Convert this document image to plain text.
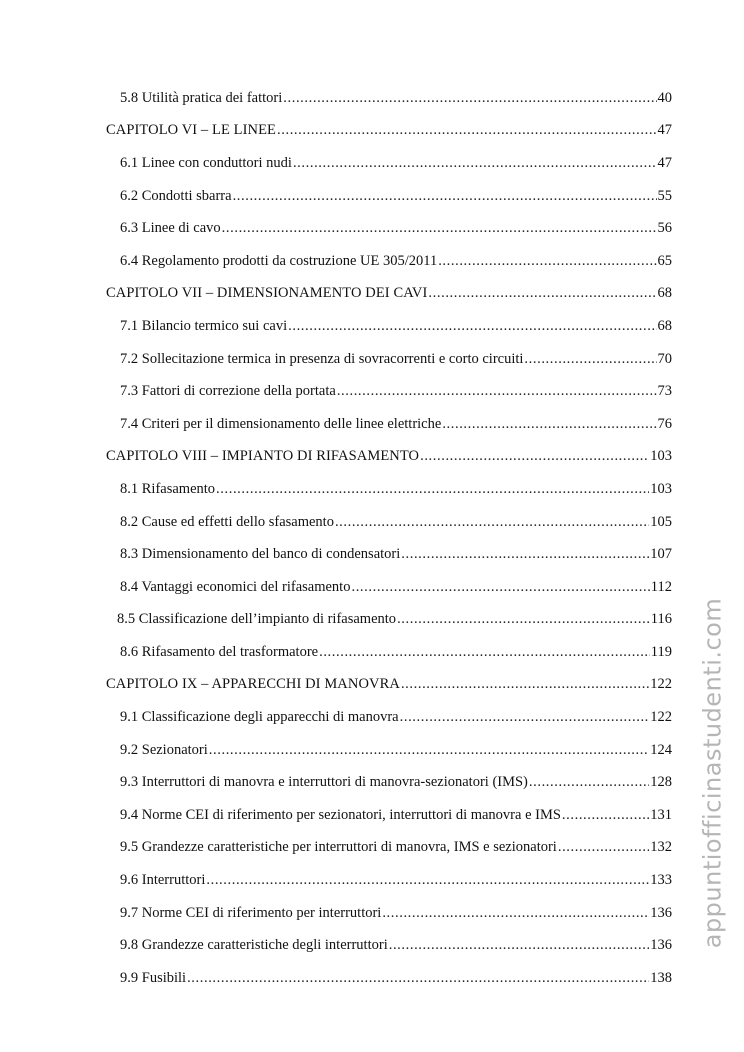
5.8 Utilità pratica dei fattori .....	40
CAPITOLO VI – LE LINEE .....	47
6.1 Linee con conduttori nudi .....	47
6.2 Condotti sbarra .....	55
6.3 Linee di cavo .....	56
6.4 Regolamento prodotti da costruzione UE 305/2011 .....	65
CAPITOLO VII – DIMENSIONAMENTO DEI CAVI .....	68
7.1 Bilancio termico sui cavi .....	68
7.2 Sollecitazione termica in presenza di sovracorrenti e corto circuiti .....	70
7.3 Fattori di correzione della portata .....	73
7.4 Criteri per il dimensionamento delle linee elettriche .....	76
CAPITOLO VIII – IMPIANTO DI RIFASAMENTO .....	103
8.1 Rifasamento .....	103
8.2 Cause ed effetti dello sfasamento .....	105
8.3 Dimensionamento del banco di condensatori .....	107
8.4 Vantaggi economici del rifasamento .....	112
8.5 Classificazione dell’impianto di rifasamento .....	116
8.6 Rifasamento del trasformatore .....	119
CAPITOLO IX – APPARECCHI DI MANOVRA .....	122
9.1 Classificazione degli apparecchi di manovra .....	122
9.2 Sezionatori .....	124
9.3 Interruttori di manovra e interruttori di manovra-sezionatori (IMS) .....	128
9.4 Norme CEI di riferimento per sezionatori, interruttori di manovra e IMS .....	131
9.5 Grandezze caratteristiche per interruttori di manovra, IMS e sezionatori .....	132
9.6 Interruttori .....	133
9.7 Norme CEI di riferimento per interruttori .....	136
9.8 Grandezze caratteristiche degli interruttori .....	136
9.9 Fusibili .....	138
appuntiofficinastudenti.com
